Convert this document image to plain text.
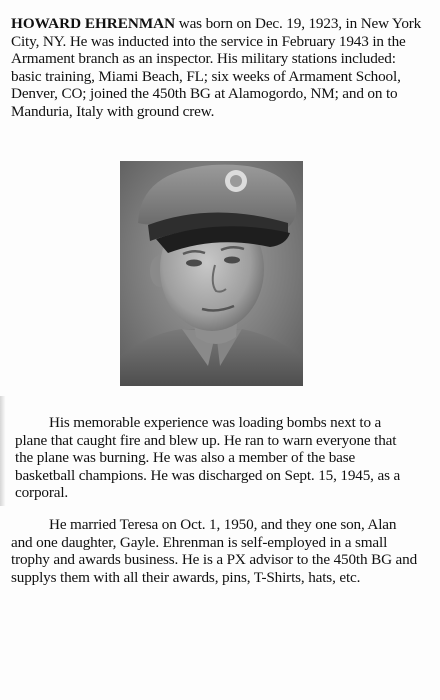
HOWARD EHRENMAN was born on Dec. 19, 1923, in New York City, NY. He was inducted into the service in February 1943 in the Armament branch as an inspector. His military stations included: basic training, Miami Beach, FL; six weeks of Armament School, Denver, CO; joined the 450th BG at Alamogordo, NM; and on to Manduria, Italy with ground crew.

His memorable experience was loading bombs next to a plane that caught fire and blew up. He ran to warn everyone that the plane was burning. He was also a member of the base basketball champions. He was discharged on Sept. 15, 1945, as a corporal.

He married Teresa on Oct. 1, 1950, and they one son, Alan and one daughter, Gayle. Ehrenman is self-employed in a small trophy and awards business. He is a PX advisor to the 450th BG and supplys them with all their awards, pins, T-Shirts, hats, etc.
